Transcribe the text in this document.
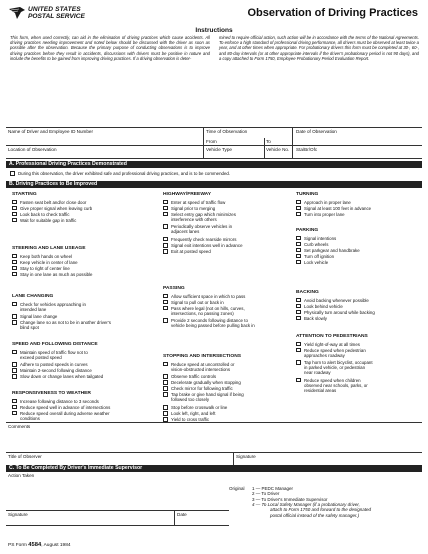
UNITED STATES
POSTAL SERVICE	Observation of Driving Practices
Instructions
This form, when used correctly, can aid in the elimination of driving practices which cause accidents. All driving practices needing improvement and noted below should be discussed with the driver as soon as possible after the observation. Because the primary purpose of conducting observations is to improve driving practices before they result in accidents, discussions with drivers must be positive in nature and include the benefits to be gained from improving driving practices. If a driving observation is deter-
mined to require official action, such action will be in accordance with the terms of the National Agreements. To enforce a high standard of professional driving performance, all drivers must be observed at least twice a year, and at other times when appropriate. For probationary drivers this form must be completed at 30-, 60-, and 80-day intervals (or at other appropriate intervals if the driver's probationary period is not 90 days), and a copy attached to Form 1750, Employee Probationary Period Evaluation Report.
Name of Driver and Employee ID Number	Time of Observation
From	To
Date of Observation
Location of Observation	Vehicle Type	Vehicle No. Sta/Br/Ofc
A. Professional Driving Practices Demonstrated
During this observation, the driver exhibited safe and professional driving practices, and is to be commended.
B. Driving Practices to Be Improved
STARTING
Fasten seat belt and/or close door
Give proper signal when leaving curb
Look back to check traffic
Wait for suitable gap in traffic
STEERING AND LANE USEAGE
Keep both hands on wheel
Keep vehicle in center of lane
Stay to right of center line
Stay in one lane as much as possible
LANE CHANGING
Check for vehicles approaching in
intended lane
Signal lane change
Change lane so as not to be in another driver's
blind spot
SPEED AND FOLLOWING DISTANCE
Maintain speed of traffic flow not to
exceed posted speed
Adhere to posted speeds in curves
Maintain 2-second following distance
Slow down or change lanes when tailgated
RESPONSIVENESS TO WEATHER
Increase following distance to 3 seconds
Reduce speed well in advance of intersections
Reduce speed overall during adverse weather
conditions
HIGHWAY/FREEWAY
Enter at speed of traffic flow
Signal prior to merging
Select entry gap which minimizes
interference with others
Periodically observe vehicles in
adjacent lanes
Frequently check rearside mirrors
Signal exit intentions well in advance
Exit at posted speed
PASSING
Allow sufficient space in which to pass
Signal to pull out or back in
Pass where legal (not on hills, curves,
intersections, no passing zones)
Provide 2 seconds following distance to
vehicle being passed before pulling back in
STOPPING AND INTERSECTIONS
Reduce speed at uncontrolled or
vision-obstructed intersections
Observe traffic controls
Decelerate gradually when stopping
Check mirror for following traffic
Tap brake or give hand signal if being
followed too closely
Stop before crosswalk or line
Look left, right, and left
Yield to cross traffic
TURNING
Approach in proper lane
Signal at least 100 feet in advance
Turn into proper lane
PARKING
Signal intentions
Curb wheels
Set parkgear and handbrake
Turn off ignition
Lock vehicle
BACKING
Avoid backing whenever possible
Look behind vehicle
Physically turn around while backing
Back slowly
ATTENTION TO PEDESTRIANS
Yield right-of-way at all times
Reduce speed when pedestrian
approaches roadway
Tap horn to alert bicyclist, occupant
in parked vehicle, or pedestrian
near roadway
Reduce speed when children
observed near schools, parks, or
residential areas
Comments
Title of Observer	Signature
C. To Be Completed By Driver's Immediate Supervisor
Action Taken
Signature	Date
Original 1 — PEDC Manager
2 — To Driver
3 — To Driver's Immediate Supervisor
4 — To Local Safety Manager (if a probationary driver,
attach to Form 1750 and forward to the designated
postal official instead of the safety manager.)
PS Form 4584, August 1984
